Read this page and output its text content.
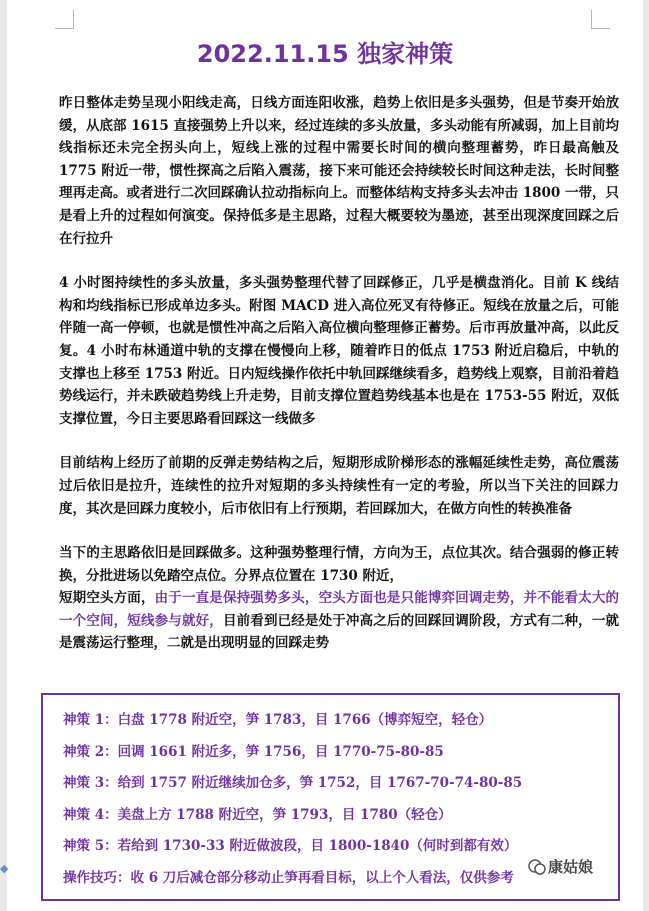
2022.11.15 独家神策
昨日整体走势呈现小阳线走高，日线方面连阳收涨，趋势上依旧是多头强势，但是节奏开始放缓，从底部 1615 直接强势上升以来，经过连续的多头放量，多头动能有所减弱，加上目前均线指标还未完全拐头向上，短线上涨的过程中需要长时间的横向整理蓄势，昨日最高触及 1775 附近一带，惯性探高之后陷入震荡，接下来可能还会持续较长时间这种走法，长时间整理再走高。或者进行二次回踩确认拉动指标向上。而整体结构支持多头去冲击 1800 一带，只是看上升的过程如何演变。保持低多是主思路，过程大概要较为墨迹，甚至出现深度回踩之后在行拉升
4 小时图持续性的多头放量，多头强势整理代替了回踩修正，几乎是横盘消化。目前 K 线结构和均线指标已形成单边多头。附图 MACD 进入高位死叉有待修正。短线在放量之后，可能伴随一高一停顿，也就是惯性冲高之后陷入高位横向整理修正蓄势。后市再放量冲高，以此反复。4 小时布林通道中轨的支撑在慢慢向上移，随着昨日的低点 1753 附近启稳后，中轨的支撑也上移至 1753 附近。日内短线操作依托中轨回踩继续看多，趋势线上观察，目前沿着趋势线运行，并未跌破趋势线上升走势，目前支撑位置趋势线基本也是在 1753-55 附近，双低支撑位置，今日主要思路看回踩这一线做多
目前结构上经历了前期的反弹走势结构之后，短期形成阶梯形态的涨幅延续性走势，高位震荡过后依旧是拉升，连续性的拉升对短期的多头持续性有一定的考验，所以当下关注的回踩力度，其次是回踩力度较小，后市依旧有上行预期，若回踩加大，在做方向性的转换准备

当下的主思路依旧是回踩做多。这种强势整理行情，方向为王，点位其次。结合强弱的修正转换，分批进场以免踏空点位。分界点位置在 1730 附近，

短期空头方面，由于一直是保持强势多头，空头方面也是只能博弈回调走势，并不能看太大的一个空间，短线参与就好，目前看到已经是处于冲高之后的回踩回调阶段，方式有二种，一就是震荡运行整理，二就是出现明显的回踩走势
神策 1：白盘 1778 附近空，笋 1783，目 1766（博弈短空，轻仓）
神策 2：回调 1661 附近多，笋 1756，目 1770-75-80-85
神策 3：给到 1757 附近继续加仓多，笋 1752，目 1767-70-74-80-85
神策 4：美盘上方 1788 附近空，笋 1793，目 1780（轻仓）
神策 5：若给到 1730-33 附近做波段，目 1800-1840（何时到都有效）
操作技巧：收 6 刀后减仓部分移动止笋再看目标，以上个人看法，仅供参考
康姑娘
◆
